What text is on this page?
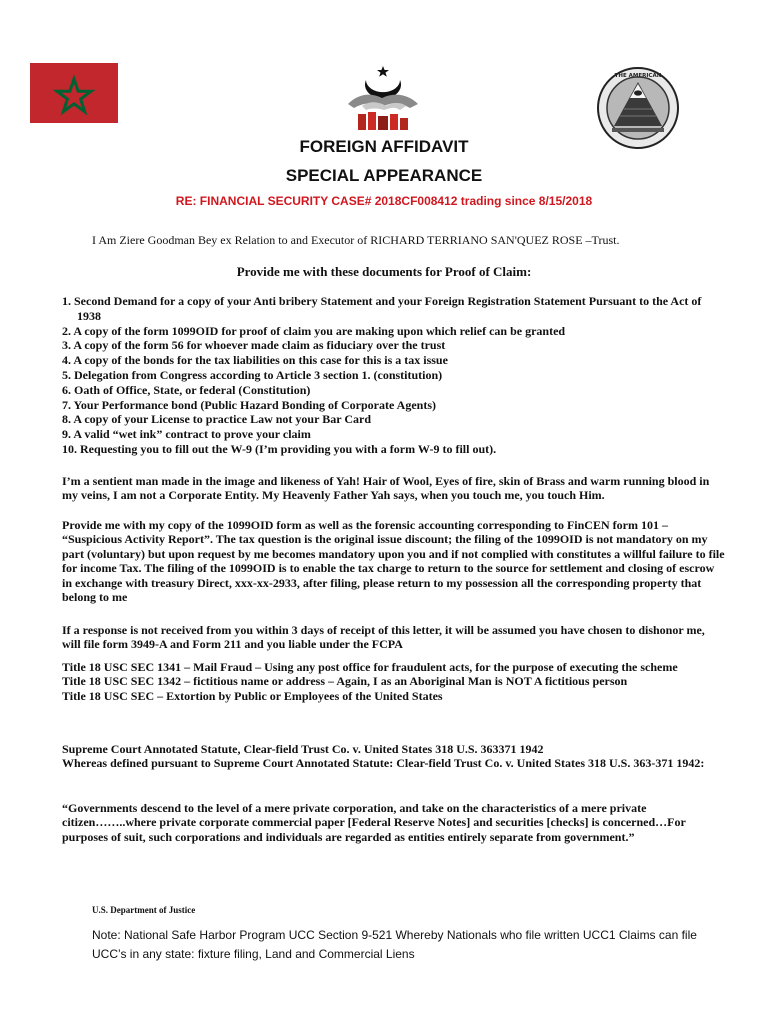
THE AMERICAN
FOREIGN AFFIDAVIT
SPECIAL APPEARANCE
RE: FINANCIAL SECURITY CASE# 2018CF008412 trading since 8/15/2018
I Am Ziere Goodman Bey ex Relation to and Executor of RICHARD TERRIANO SAN'QUEZ ROSE –Trust.
Provide me with these documents for Proof of Claim:
1. Second Demand for a copy of your Anti bribery Statement and your Foreign Registration Statement Pursuant to the Act of 1938
2. A copy of the form 1099OID for proof of claim you are making upon which relief can be granted
3. A copy of the form 56 for whoever made claim as fiduciary over the trust
4. A copy of the bonds for the tax liabilities on this case for this is a tax issue
5. Delegation from Congress according to Article 3 section 1. (constitution)
6. Oath of Office, State, or federal (Constitution)
7. Your Performance bond (Public Hazard Bonding of Corporate Agents)
8. A copy of your License to practice Law not your Bar Card
9. A valid “wet ink” contract to prove your claim
10. Requesting you to fill out the W-9 (I’m providing you with a form W-9 to fill out).
I’m a sentient man made in the image and likeness of Yah! Hair of Wool, Eyes of fire, skin of Brass and warm running blood in my veins, I am not a Corporate Entity. My Heavenly Father Yah says, when you touch me, you touch Him.
Provide me with my copy of the 1099OID form as well as the forensic accounting corresponding to FinCEN form 101 – “Suspicious Activity Report”. The tax question is the original issue discount; the filing of the 1099OID is not mandatory on my part (voluntary) but upon request by me becomes mandatory upon you and if not complied with constitutes a willful failure to file for income Tax. The filing of the 1099OID is to enable the tax charge to return to the source for settlement and closing of escrow in exchange with treasury Direct, xxx-xx-2933, after filing, please return to my possession all the corresponding property that belong to me
If a response is not received from you within 3 days of receipt of this letter, it will be assumed you have chosen to dishonor me, will file form 3949-A and Form 211 and you liable under the FCPA
Title 18 USC SEC 1341 – Mail Fraud – Using any post office for fraudulent acts, for the purpose of executing the scheme
Title 18 USC SEC 1342 – fictitious name or address – Again, I as an Aboriginal Man is NOT A fictitious person
Title 18 USC SEC – Extortion by Public or Employees of the United States
Supreme Court Annotated Statute, Clear-field Trust Co. v. United States 318 U.S. 363371 1942
Whereas defined pursuant to Supreme Court Annotated Statute: Clear-field Trust Co. v. United States 318 U.S. 363-371 1942:
“Governments descend to the level of a mere private corporation, and take on the characteristics of a mere private citizen……..where private corporate commercial paper [Federal Reserve Notes] and securities [checks] is concerned…For purposes of suit, such corporations and individuals are regarded as entities entirely separate from government.”
U.S. Department of Justice
Note: National Safe Harbor Program UCC Section 9-521 Whereby Nationals who file written UCC1 Claims can file UCC’s in any state: fixture filing, Land and Commercial Liens
